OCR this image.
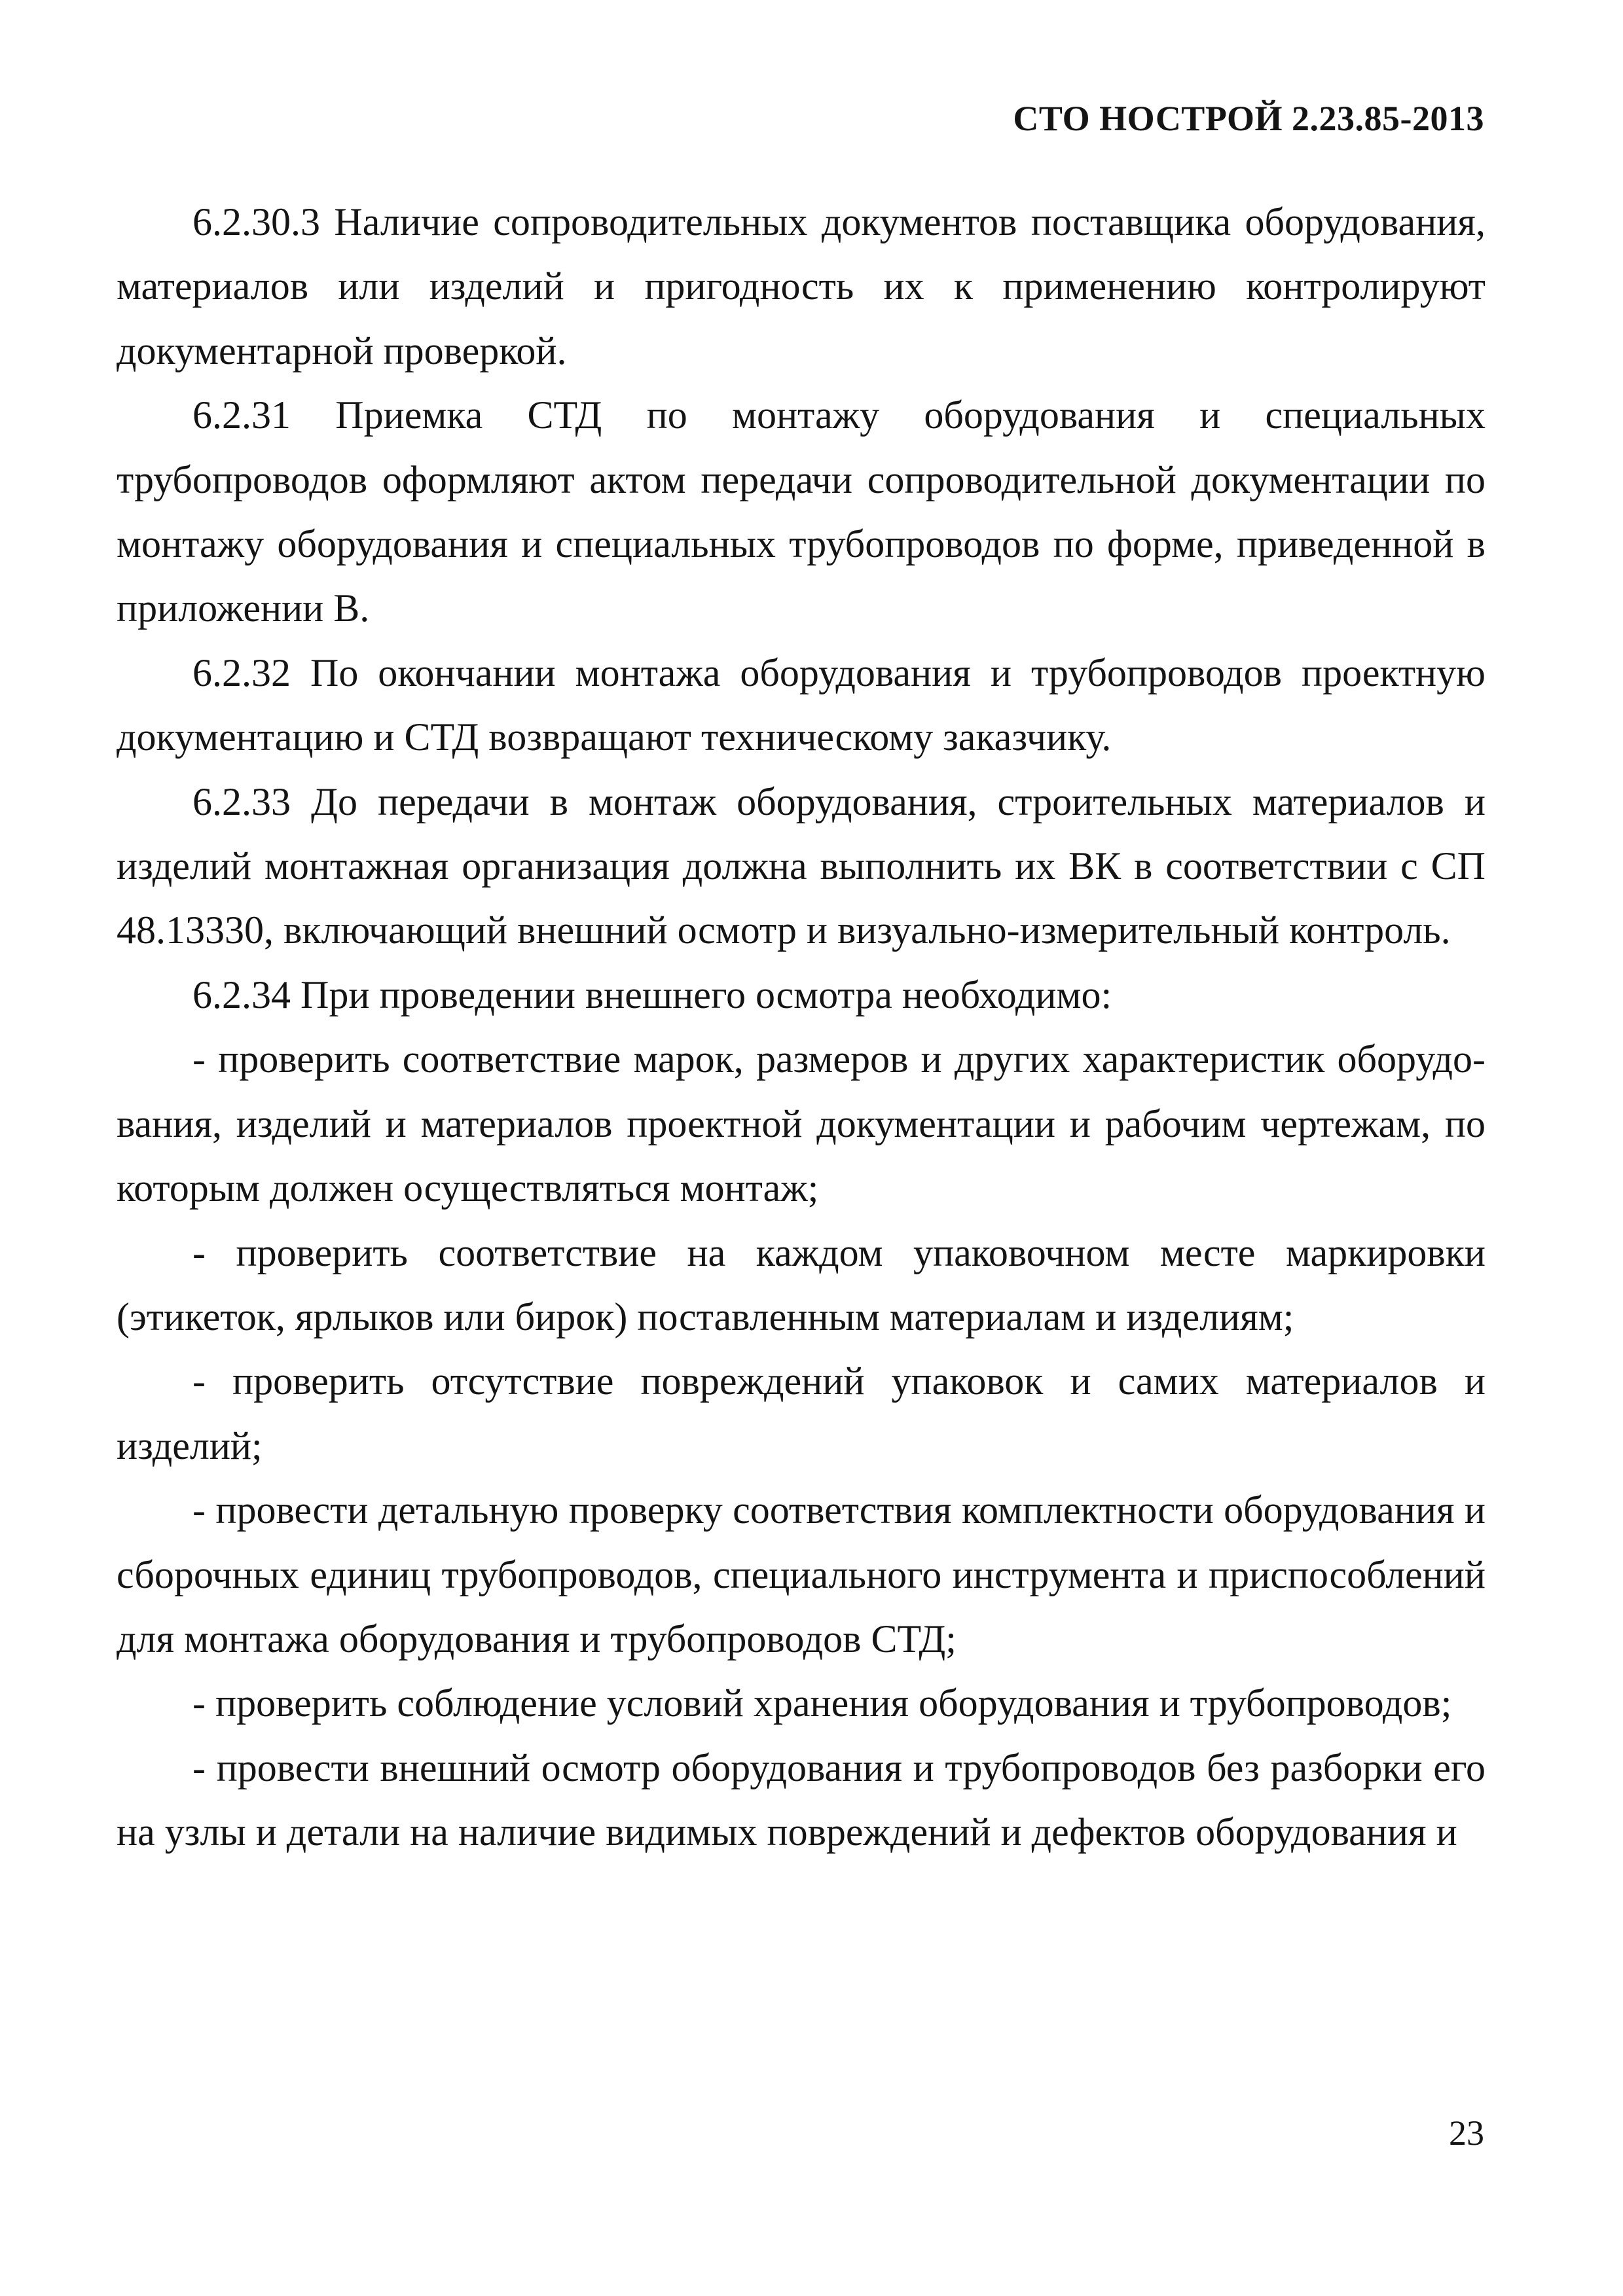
СТО НОСТРОЙ 2.23.85-2013

6.2.30.3 Наличие сопроводительных документов поставщика оборудования, материалов или изделий и пригодность их к применению контролируют документарной проверкой.

6.2.31 Приемка СТД по монтажу оборудования и специальных трубопроводов оформляют актом передачи сопроводительной документации по монтажу оборудования и специальных трубопроводов по форме, приведенной в приложении В.

6.2.32 По окончании монтажа оборудования и трубопроводов проектную документацию и СТД возвращают техническому заказчику.

6.2.33 До передачи в монтаж оборудования, строительных материалов и изделий монтажная организация должна выполнить их ВК в соответствии с СП 48.13330, включающий внешний осмотр и визуально-измерительный контроль.

6.2.34 При проведении внешнего осмотра необходимо:

- проверить соответствие марок, размеров и других характеристик оборудования, изделий и материалов проектной документации и рабочим чертежам, по которым должен осуществляться монтаж;

- проверить соответствие на каждом упаковочном месте маркировки (этикеток, ярлыков или бирок) поставленным материалам и изделиям;

- проверить отсутствие повреждений упаковок и самих материалов и изделий;

- провести детальную проверку соответствия комплектности оборудования и сборочных единиц трубопроводов, специального инструмента и приспособлений для монтажа оборудования и трубопроводов СТД;

- проверить соблюдение условий хранения оборудования и трубопроводов;

- провести внешний осмотр оборудования и трубопроводов без разборки его на узлы и детали на наличие видимых повреждений и дефектов оборудования и

23
